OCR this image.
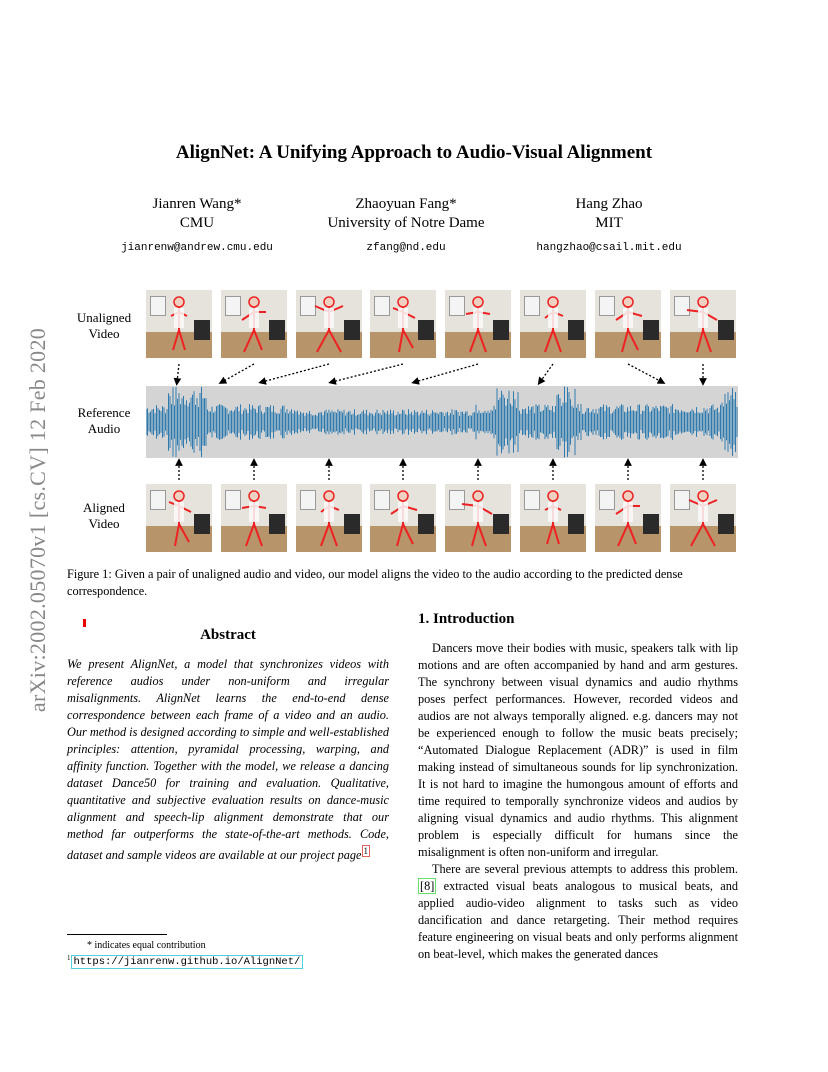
arXiv:2002.05070v1 [cs.CV] 12 Feb 2020
AlignNet: A Unifying Approach to Audio-Visual Alignment
Jianren Wang*
CMU
jianrenw@andrew.cmu.edu
Zhaoyuan Fang*
University of Notre Dame
zfang@nd.edu
Hang Zhao
MIT
hangzhao@csail.mit.edu
Unaligned
Video
Reference
Audio
Aligned
Video
Figure 1: Given a pair of unaligned audio and video, our model aligns the video to the audio according to the predicted dense correspondence.
Abstract
We present AlignNet, a model that synchronizes videos with reference audios under non-uniform and irregular misalignments. AlignNet learns the end-to-end dense correspondence between each frame of a video and an audio. Our method is designed according to simple and well-established principles: attention, pyramidal processing, warping, and affinity function. Together with the model, we release a dancing dataset Dance50 for training and evaluation. Qualitative, quantitative and subjective evaluation results on dance-music alignment and speech-lip alignment demonstrate that our method far outperforms the state-of-the-art methods. Code, dataset and sample videos are available at our project page $^1$
1. Introduction

Dancers move their bodies with music, speakers talk with lip motions and are often accompanied by hand and arm gestures. The synchrony between visual dynamics and audio rhythms poses perfect performances. However, recorded videos and audios are not always temporally aligned. e.g. dancers may not be experienced enough to follow the music beats precisely; “Automated Dialogue Replacement (ADR)” is used in film making instead of simultaneous sounds for lip synchronization. It is not hard to imagine the humongous amount of efforts and time required to temporally synchronize videos and audios by aligning visual dynamics and audio rhythms. This alignment problem is especially difficult for humans since the misalignment is often non-uniform and irregular.

There are several previous attempts to address this problem. [8] extracted visual beats analogous to musical beats, and applied audio-video alignment to tasks such as video dancification and dance retargeting. Their method requires feature engineering on visual beats and only performs alignment on beat-level, which makes the generated dances

* indicates equal contribution
$^1$ https://jianrenw.github.io/AlignNet/
